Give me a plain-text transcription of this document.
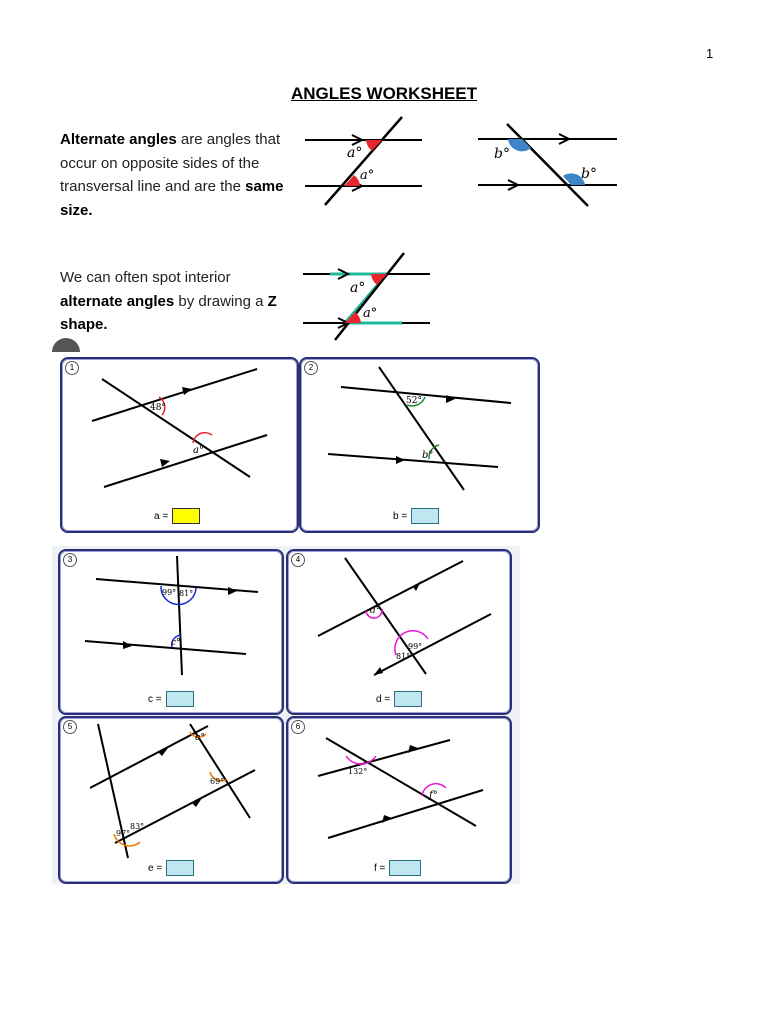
1
ANGLES WORKSHEET
Alternate angles are angles that occur on opposite sides of the transversal line and are the same size.
We can often spot interior alternate angles by drawing a Z shape.
a°
a°
b°
b°
a°
a°
1
48°
a°
a =
2
52°
b°
b =
3
99° 81°
c°
c =
4
d°
81°
99°
d =
5
e°
69°
97°
83°
e =
6
132°
f°
f =
